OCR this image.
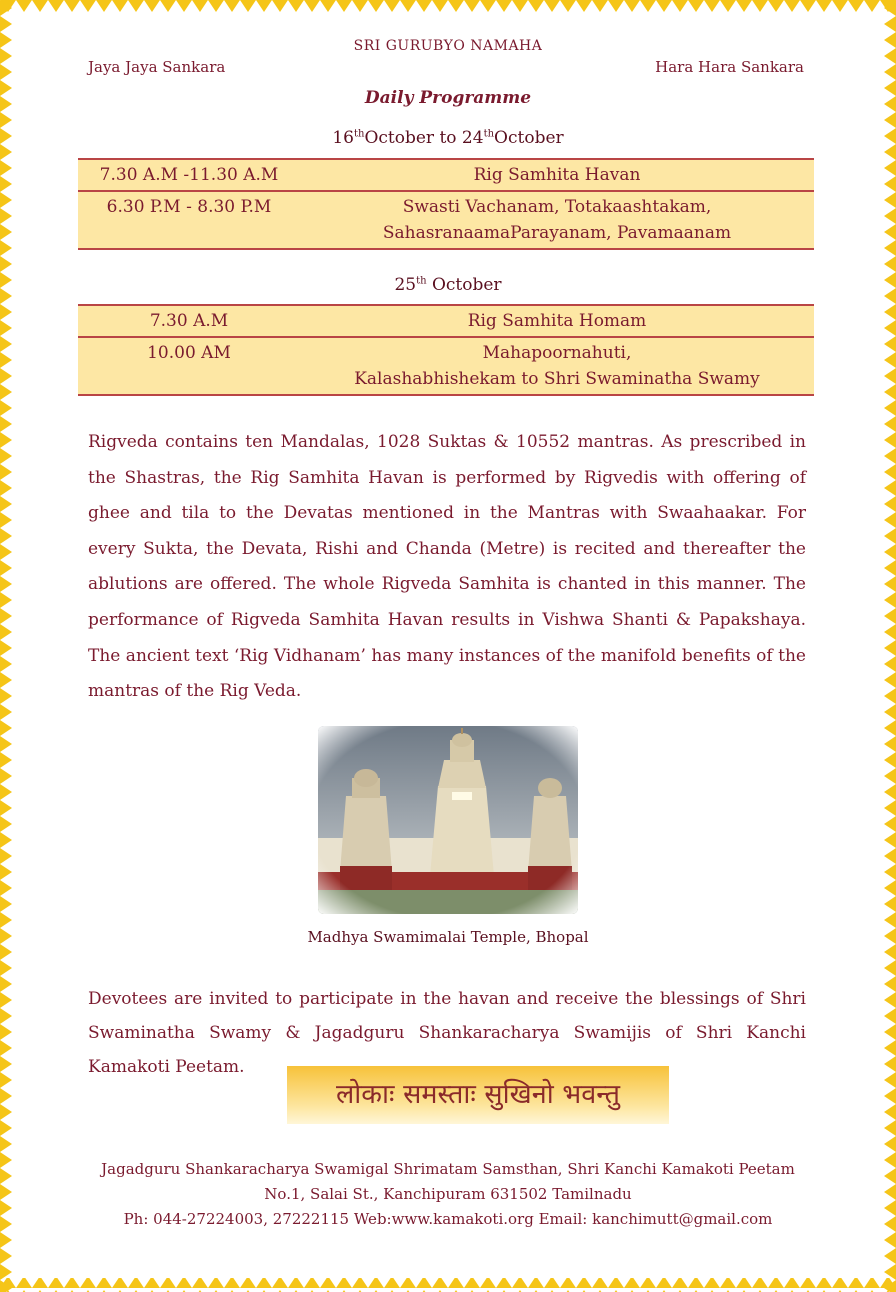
SRI GURUBYO NAMAHA
Jaya Jaya Sankara	Hara Hara Sankara
Daily Programme
16thOctober to 24thOctober
7.30 A.M -11.30 A.M	Rig Samhita Havan
6.30 P.M - 8.30 P.M	Swasti Vachanam, Totakaashtakam,
SahasranaamaParayanam, Pavamaanam
25th October
7.30 A.M	Rig Samhita Homam
10.00 AM	Mahapoornahuti,
Kalashabhishekam to Shri Swaminatha Swamy
Rigveda contains ten Mandalas, 1028 Suktas & 10552 mantras. As prescribed in the Shastras, the Rig Samhita Havan is performed by Rigvedis with offering of ghee and tila to the Devatas mentioned in the Mantras with Swaahaakar. For every Sukta, the Devata, Rishi and Chanda (Metre) is recited and thereafter the ablutions are offered. The whole Rigveda Samhita is chanted in this manner. The performance of Rigveda Samhita Havan results in Vishwa Shanti & Papakshaya. The ancient text ‘Rig Vidhanam’ has many instances of the manifold benefits of the mantras of the Rig Veda.
Madhya Swamimalai Temple, Bhopal
Devotees are invited to participate in the havan and receive the blessings of Shri Swaminatha Swamy & Jagadguru Shankaracharya Swamijis of Shri Kanchi Kamakoti Peetam.
लोकाः समस्ताः सुखिनो भवन्तु
Jagadguru Shankaracharya Swamigal Shrimatam Samsthan, Shri Kanchi Kamakoti Peetam
No.1, Salai St., Kanchipuram 631502 Tamilnadu
Ph: 044-27224003, 27222115 Web:www.kamakoti.org Email: kanchimutt@gmail.com
